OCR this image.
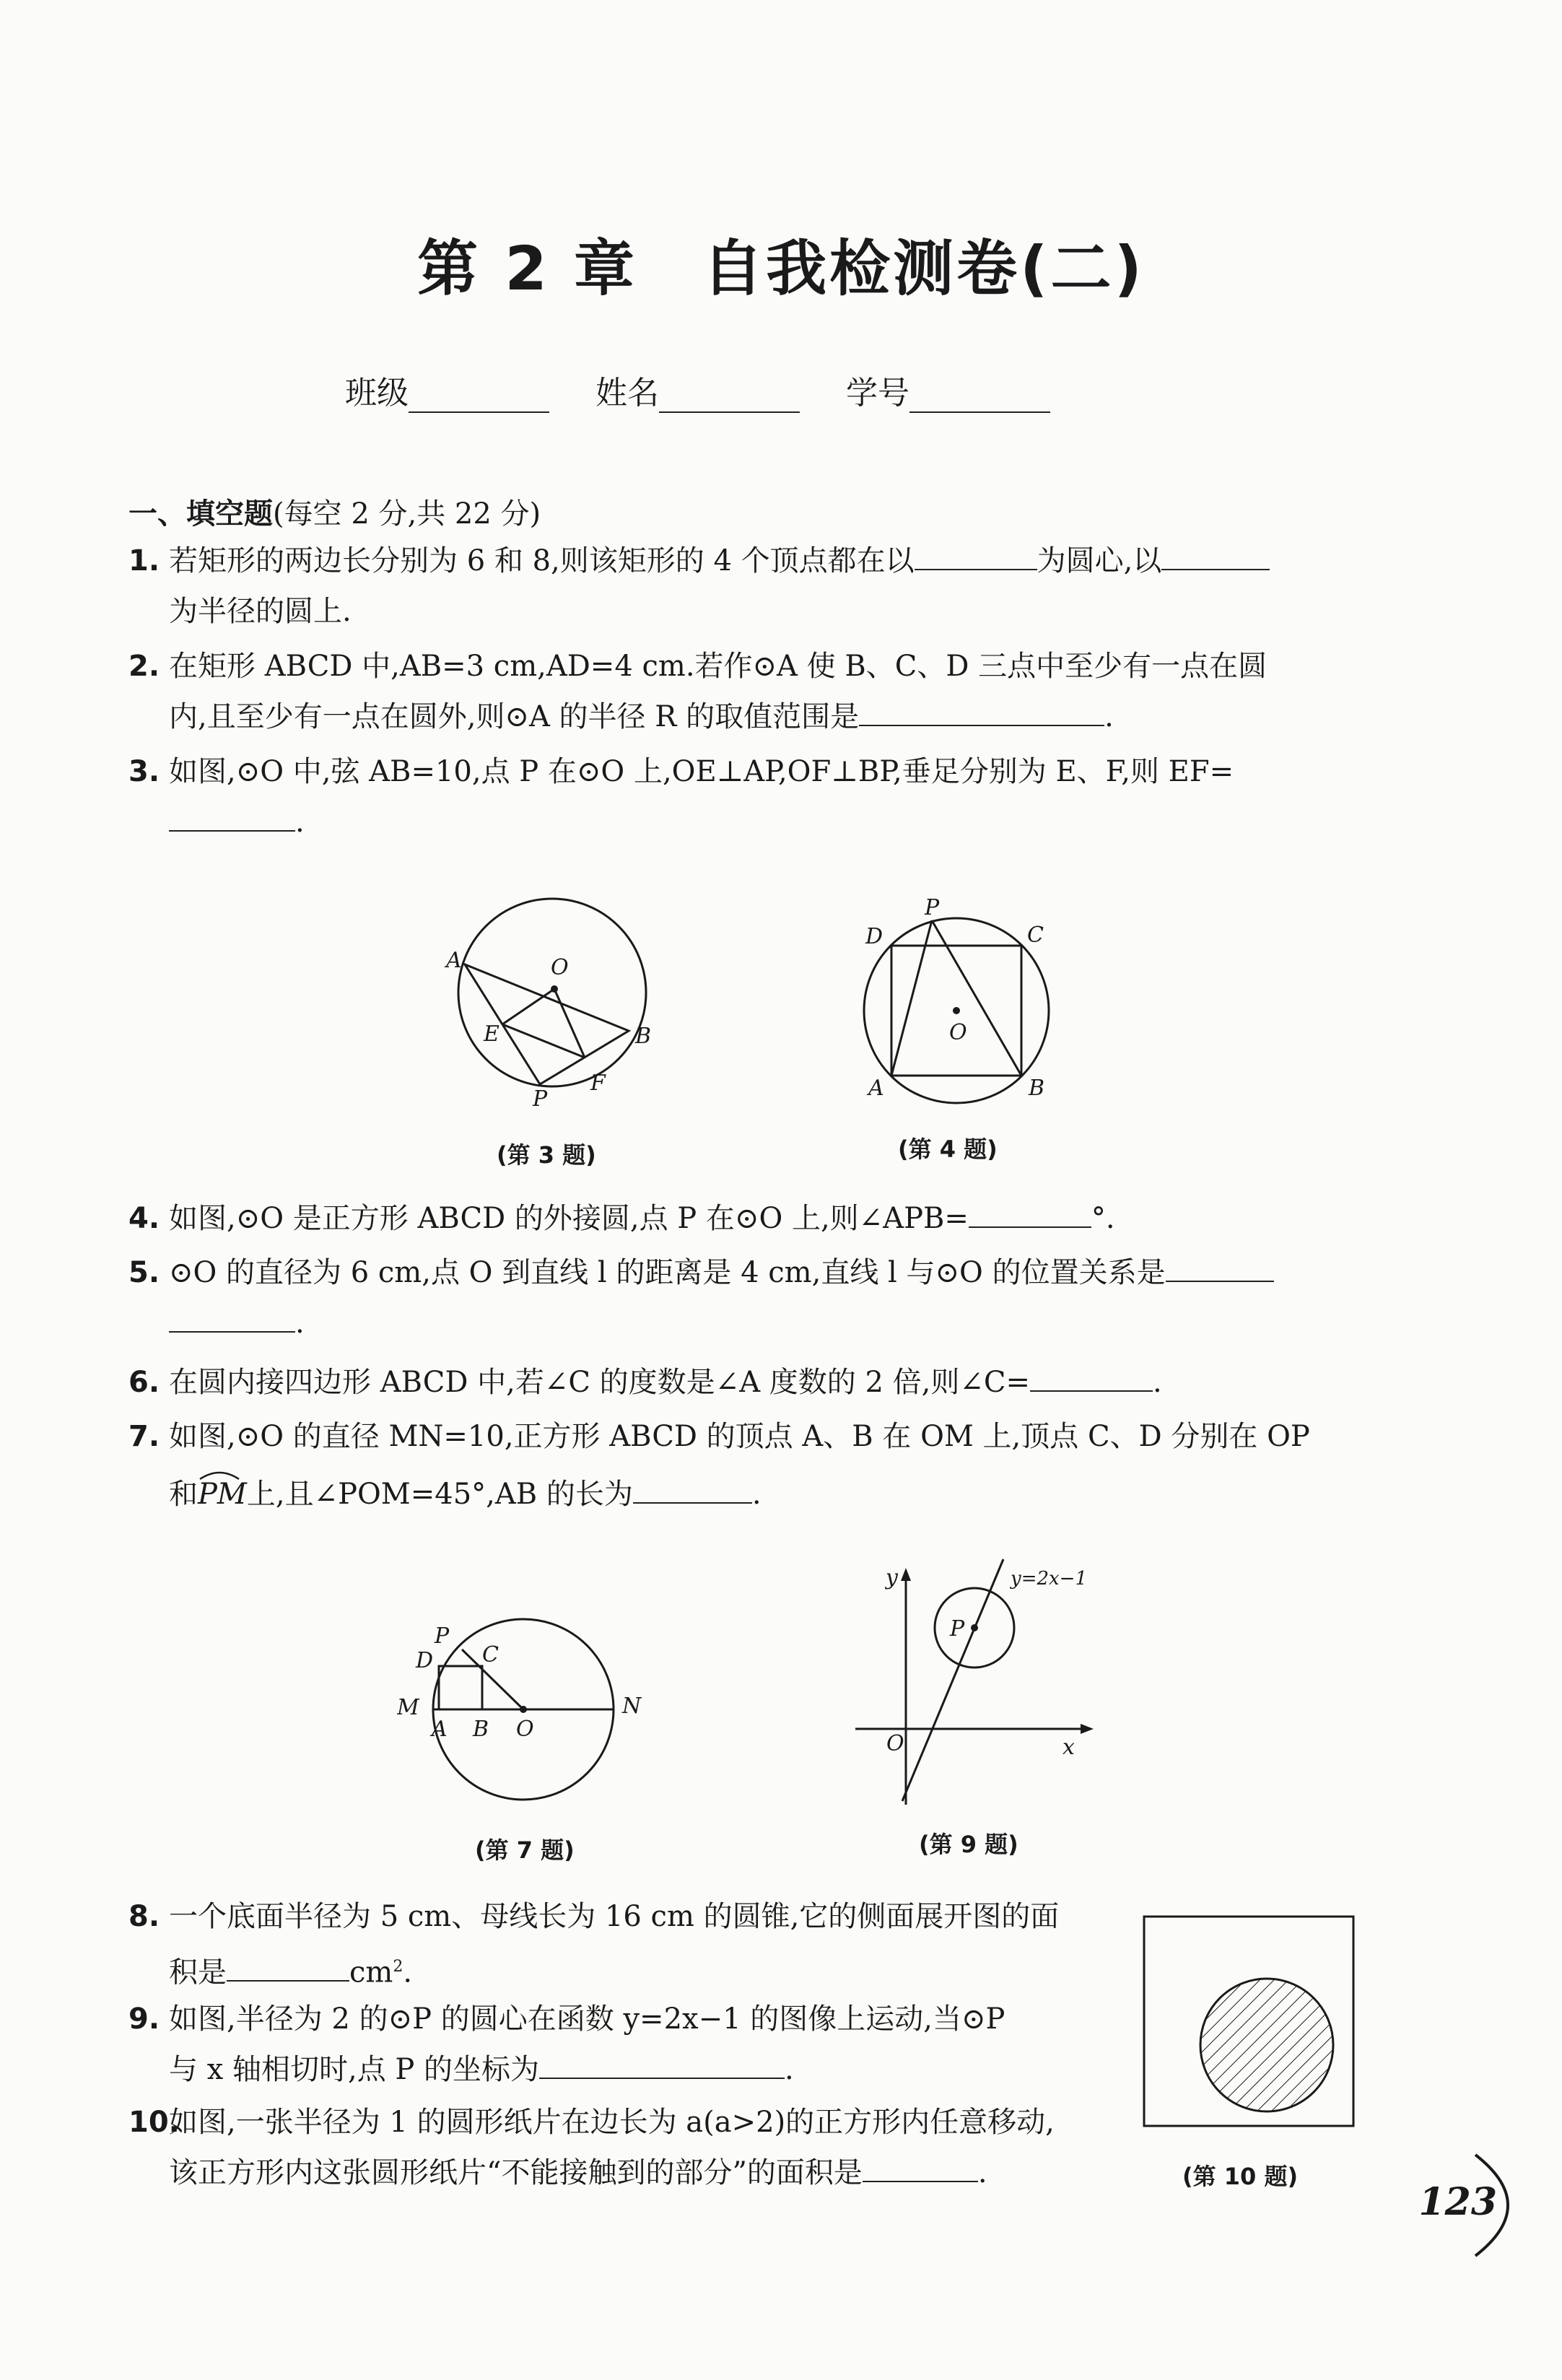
第 2 章 自我检测卷(二)
班级	姓名	学号
一、填空题(每空 2 分,共 22 分)
1. 若矩形的两边长分别为 6 和 8,则该矩形的 4 个顶点都在以	为圆心,以
为半径的圆上.
2. 在矩形 ABCD 中,AB=3 cm,AD=4 cm.若作⊙A 使 B、C、D 三点中至少有一点在圆
内,且至少有一点在圆外,则⊙A 的半径 R 的取值范围是	.
3. 如图,⊙O 中,弦 AB=10,点 P 在⊙O 上,OE⊥AP,OF⊥BP,垂足分别为 E、F,则 EF=
.
A	O
E	B
P
F
(第 3 题)
P
D	C
O
A	B
(第 4 题)
4. 如图,⊙O 是正方形 ABCD 的外接圆,点 P 在⊙O 上,则∠APB=	°.
5. ⊙O 的直径为 6 cm,点 O 到直线 l 的距离是 4 cm,直线 l 与⊙O 的位置关系是
.
6. 在圆内接四边形 ABCD 中,若∠C 的度数是∠A 度数的 2 倍,则∠C=	.
7. 如图,⊙O 的直径 MN=10,正方形 ABCD 的顶点 A、B 在 OM 上,顶点 C、D 分别在 OP
和
PM上,且∠POM=45°,AB 的长为	.
P
D C
M
A B O
N
(第 7 题)
y	y=2x−1
P
O	x
(第 9 题)
8. 一个底面半径为 5 cm、母线长为 16 cm 的圆锥,它的侧面展开图的面
积是	$cm^2$.
9. 如图,半径为 2 的⊙P 的圆心在函数 y=2x−1 的图像上运动,当⊙P
与 x 轴相切时,点 P 的坐标为	.
10.如图,一张半径为 1 的圆形纸片在边长为 a(a>2)的正方形内任意移动,
该正方形内这张圆形纸片“不能接触到的部分”的面积是	.	(第 10 题)
123
